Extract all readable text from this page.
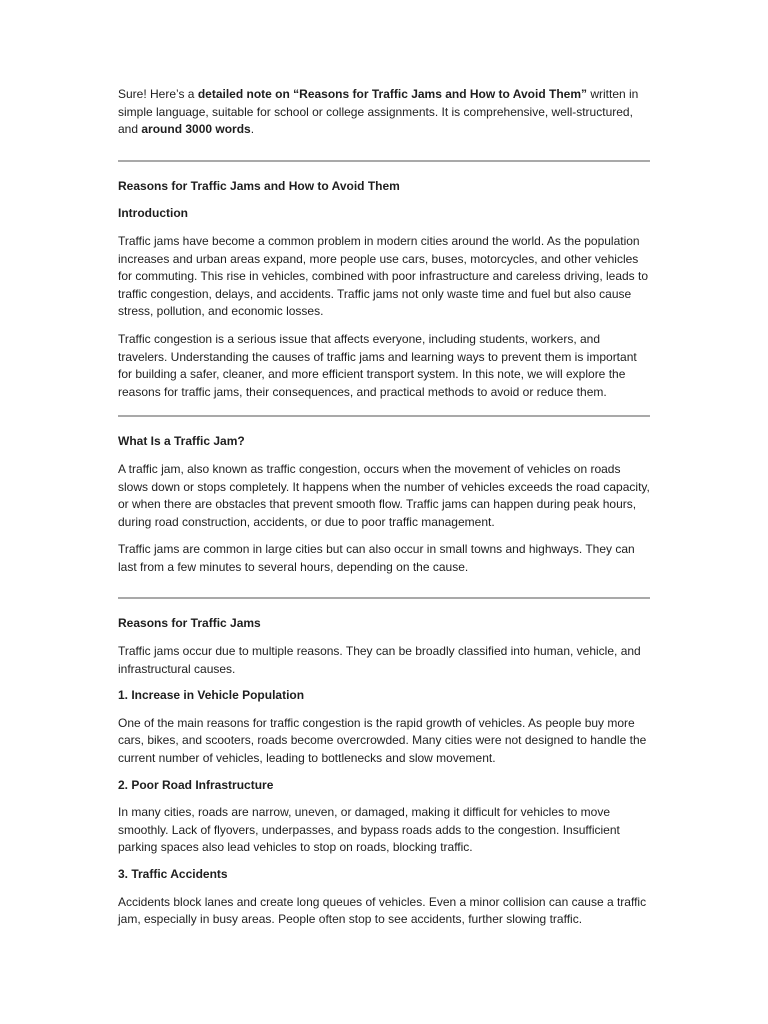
Sure! Here’s a detailed note on “Reasons for Traffic Jams and How to Avoid Them” written in simple language, suitable for school or college assignments. It is comprehensive, well-structured, and around 3000 words.

Reasons for Traffic Jams and How to Avoid Them

Introduction

Traffic jams have become a common problem in modern cities around the world. As the population increases and urban areas expand, more people use cars, buses, motorcycles, and other vehicles for commuting. This rise in vehicles, combined with poor infrastructure and careless driving, leads to traffic congestion, delays, and accidents. Traffic jams not only waste time and fuel but also cause stress, pollution, and economic losses.

Traffic congestion is a serious issue that affects everyone, including students, workers, and travelers. Understanding the causes of traffic jams and learning ways to prevent them is important for building a safer, cleaner, and more efficient transport system. In this note, we will explore the reasons for traffic jams, their consequences, and practical methods to avoid or reduce them.

What Is a Traffic Jam?

A traffic jam, also known as traffic congestion, occurs when the movement of vehicles on roads slows down or stops completely. It happens when the number of vehicles exceeds the road capacity, or when there are obstacles that prevent smooth flow. Traffic jams can happen during peak hours, during road construction, accidents, or due to poor traffic management.

Traffic jams are common in large cities but can also occur in small towns and highways. They can last from a few minutes to several hours, depending on the cause.

Reasons for Traffic Jams

Traffic jams occur due to multiple reasons. They can be broadly classified into human, vehicle, and infrastructural causes.

1. Increase in Vehicle Population

One of the main reasons for traffic congestion is the rapid growth of vehicles. As people buy more cars, bikes, and scooters, roads become overcrowded. Many cities were not designed to handle the current number of vehicles, leading to bottlenecks and slow movement.

2. Poor Road Infrastructure

In many cities, roads are narrow, uneven, or damaged, making it difficult for vehicles to move smoothly. Lack of flyovers, underpasses, and bypass roads adds to the congestion. Insufficient parking spaces also lead vehicles to stop on roads, blocking traffic.

3. Traffic Accidents

Accidents block lanes and create long queues of vehicles. Even a minor collision can cause a traffic jam, especially in busy areas. People often stop to see accidents, further slowing traffic.
